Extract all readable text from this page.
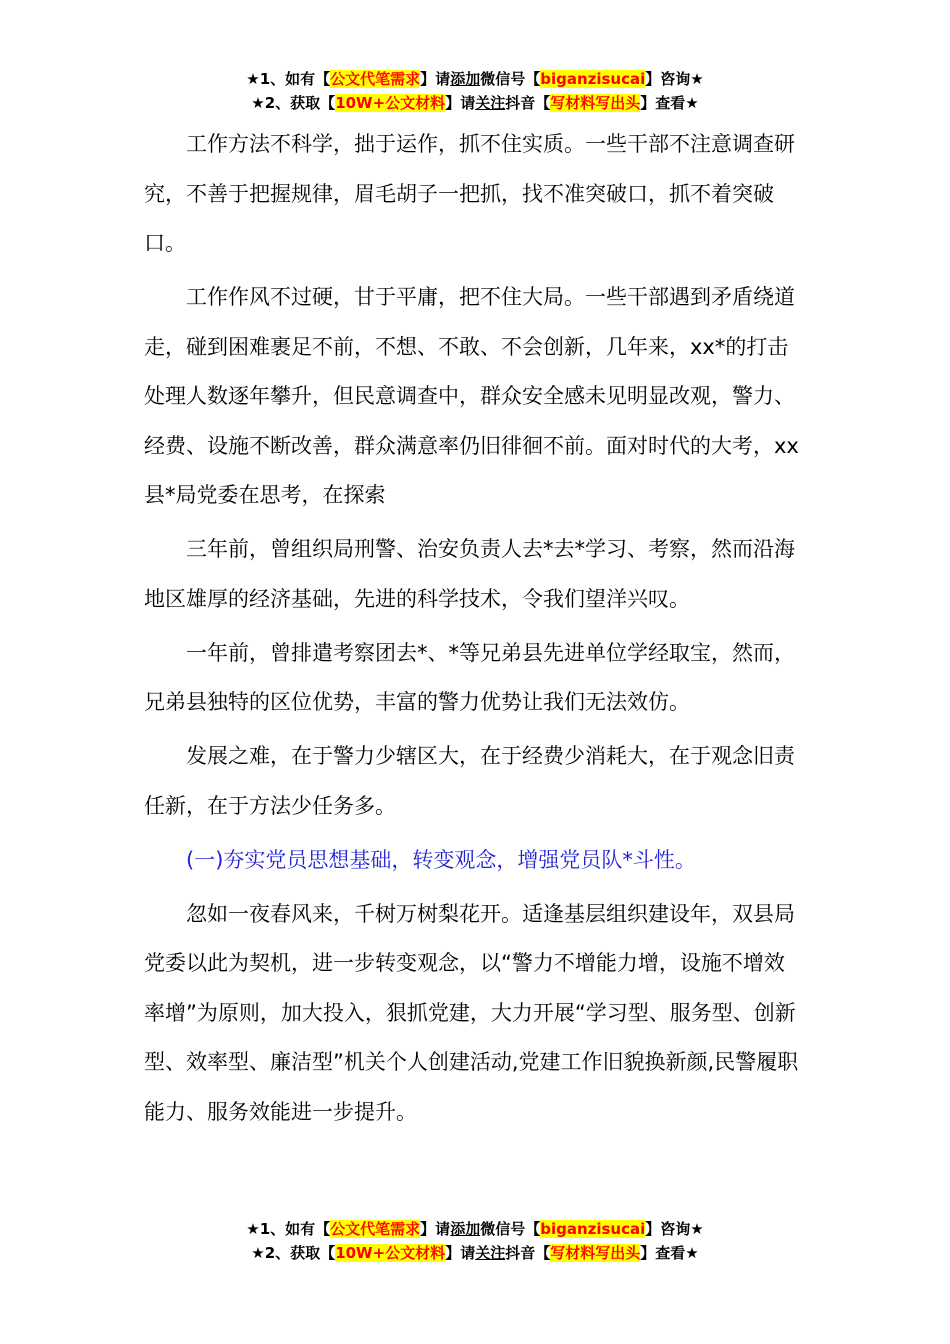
★1、如有【公文代笔需求】请添加微信号【biganzisucai】咨询★
★2、获取【10W+公文材料】请关注抖音【写材料写出头】查看★

工作方法不科学，拙于运作，抓不住实质。一些干部不注意调查研究，不善于把握规律，眉毛胡子一把抓，找不准突破口，抓不着突破口。

工作作风不过硬，甘于平庸，把不住大局。一些干部遇到矛盾绕道走，碰到困难裹足不前，不想、不敢、不会创新，几年来，xx*的打击处理人数逐年攀升，但民意调查中，群众安全感未见明显改观，警力、经费、设施不断改善，群众满意率仍旧徘徊不前。面对时代的大考，xx 县*局党委在思考，在探索

三年前，曾组织局刑警、治安负责人去*去*学习、考察，然而沿海地区雄厚的经济基础，先进的科学技术，令我们望洋兴叹。

一年前，曾排遣考察团去*、*等兄弟县先进单位学经取宝，然而，兄弟县独特的区位优势，丰富的警力优势让我们无法效仿。

发展之难，在于警力少辖区大，在于经费少消耗大，在于观念旧责任新，在于方法少任务多。

(一)夯实党员思想基础，转变观念，增强党员队*斗性。

忽如一夜春风来，千树万树梨花开。适逢基层组织建设年，双县局党委以此为契机，进一步转变观念，以“警力不增能力增，设施不增效率增”为原则，加大投入，狠抓党建，大力开展“学习型、服务型、创新型、效率型、廉洁型”机关个人创建活动,党建工作旧貌换新颜,民警履职能力、服务效能进一步提升。

★1、如有【公文代笔需求】请添加微信号【biganzisucai】咨询★
★2、获取【10W+公文材料】请关注抖音【写材料写出头】查看★
